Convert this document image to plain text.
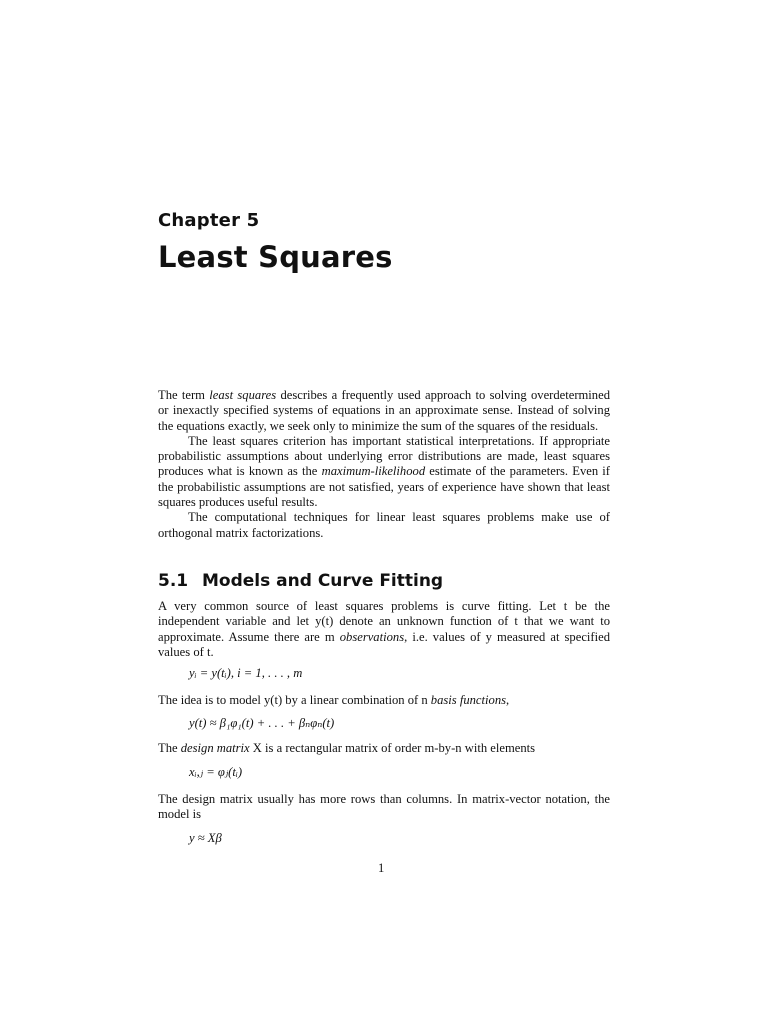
Chapter 5
Least Squares

The term least squares describes a frequently used approach to solving overdetermined or inexactly specified systems of equations in an approximate sense. Instead of solving the equations exactly, we seek only to minimize the sum of the squares of the residuals.

The least squares criterion has important statistical interpretations. If appropriate probabilistic assumptions about underlying error distributions are made, least squares produces what is known as the maximum-likelihood estimate of the parameters. Even if the probabilistic assumptions are not satisfied, years of experience have shown that least squares produces useful results.

The computational techniques for linear least squares problems make use of orthogonal matrix factorizations.

5.1 Models and Curve Fitting

A very common source of least squares problems is curve fitting. Let t be the independent variable and let y(t) denote an unknown function of t that we want to approximate. Assume there are m observations, i.e. values of y measured at specified values of t.

yᵢ = y(tᵢ), i = 1, . . . , m

The idea is to model y(t) by a linear combination of n basis functions,

y(t) ≈ β₁φ₁(t) + . . . + βₙφₙ(t)

The design matrix X is a rectangular matrix of order m-by-n with elements

xᵢ,ⱼ = φⱼ(tᵢ)

The design matrix usually has more rows than columns. In matrix-vector notation, the model is

y ≈ Xβ
1
